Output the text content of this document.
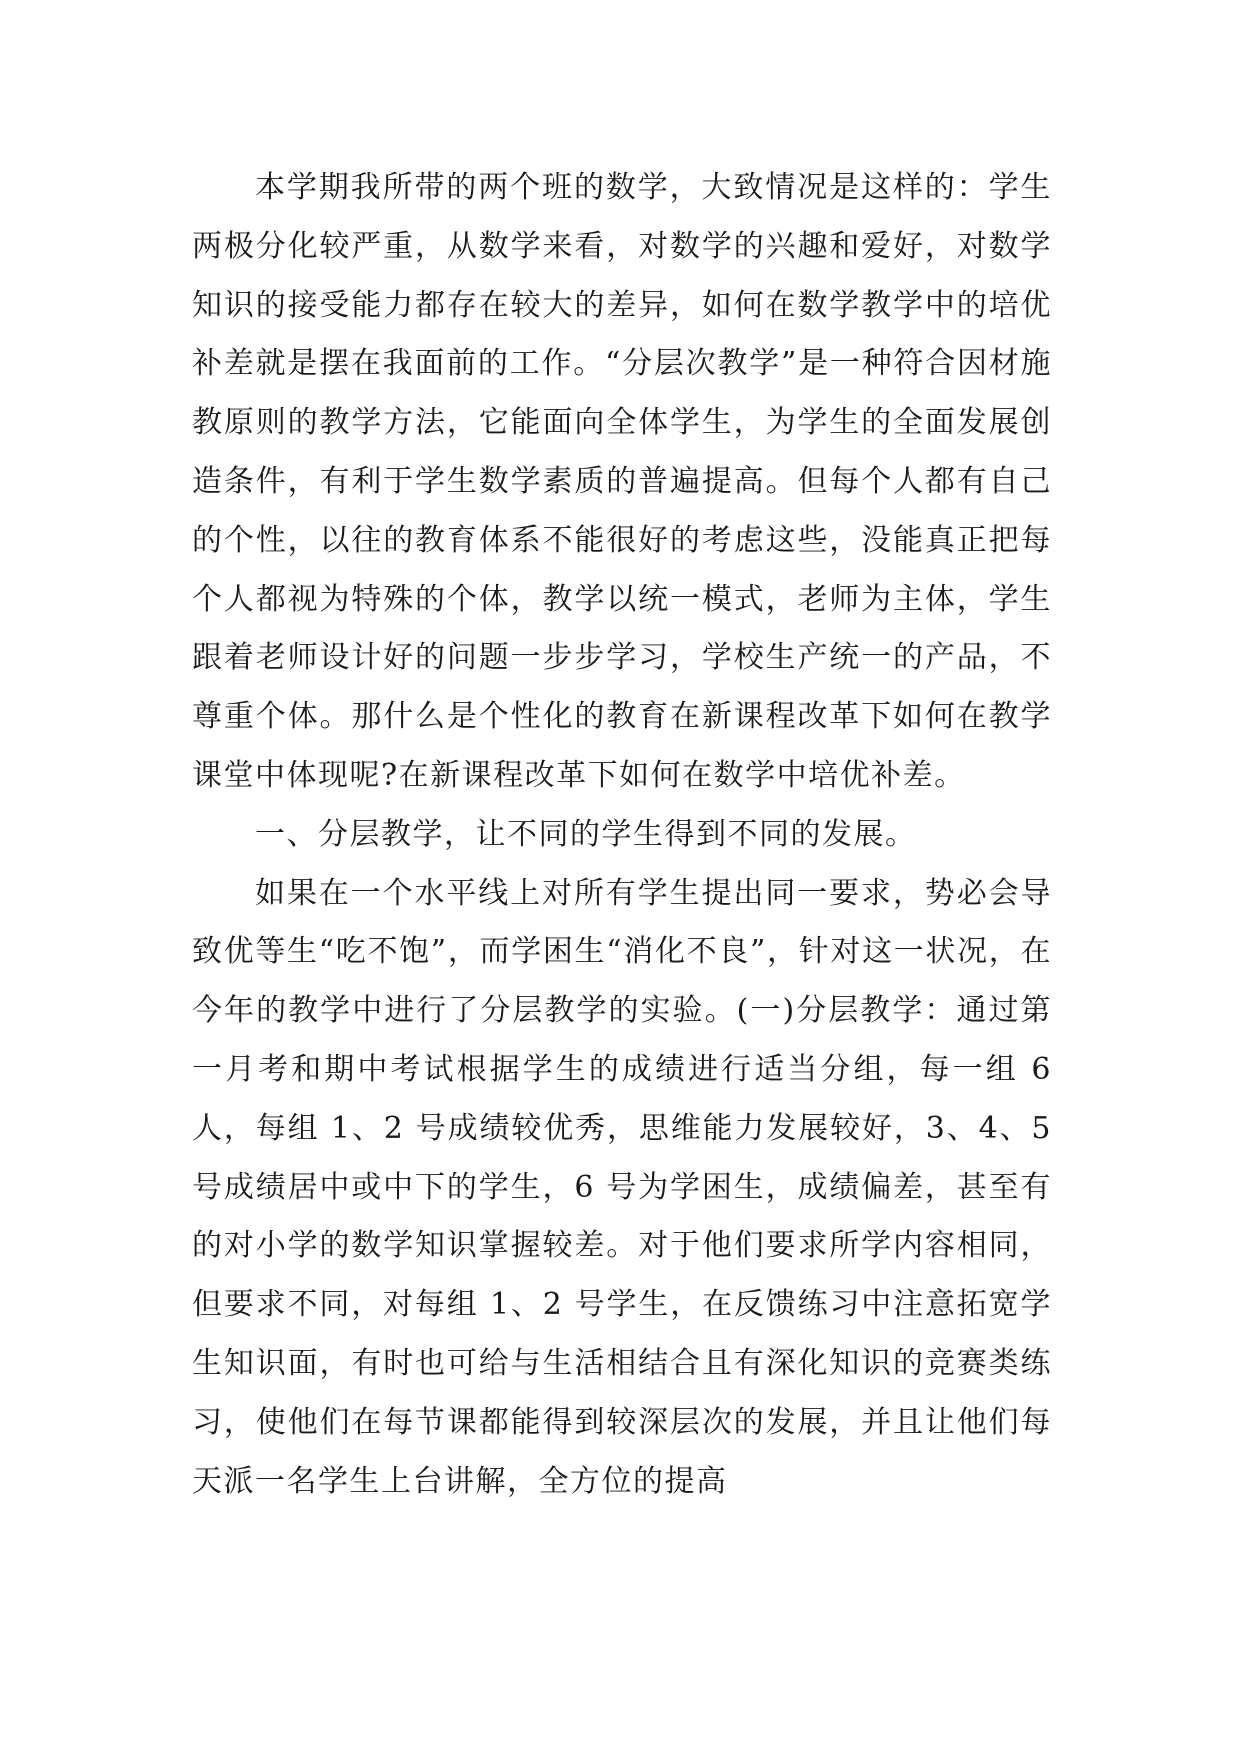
本学期我所带的两个班的数学，大致情况是这样的：学生两极分化较严重，从数学来看，对数学的兴趣和爱好，对数学知识的接受能力都存在较大的差异，如何在数学教学中的培优补差就是摆在我面前的工作。“分层次教学”是一种符合因材施教原则的教学方法，它能面向全体学生，为学生的全面发展创造条件，有利于学生数学素质的普遍提高。但每个人都有自己的个性，以往的教育体系不能很好的考虑这些，没能真正把每个人都视为特殊的个体，教学以统一模式，老师为主体，学生跟着老师设计好的问题一步步学习，学校生产统一的产品，不尊重个体。那什么是个性化的教育在新课程改革下如何在教学课堂中体现呢?在新课程改革下如何在数学中培优补差。

一、分层教学，让不同的学生得到不同的发展。

如果在一个水平线上对所有学生提出同一要求，势必会导致优等生“吃不饱”，而学困生“消化不良”，针对这一状况，在今年的教学中进行了分层教学的实验。(一)分层教学：通过第一月考和期中考试根据学生的成绩进行适当分组，每一组 6 人，每组 1、2 号成绩较优秀，思维能力发展较好，3、4、5 号成绩居中或中下的学生，6 号为学困生，成绩偏差，甚至有的对小学的数学知识掌握较差。对于他们要求所学内容相同，但要求不同，对每组 1、2 号学生，在反馈练习中注意拓宽学生知识面，有时也可给与生活相结合且有深化知识的竞赛类练习，使他们在每节课都能得到较深层次的发展，并且让他们每天派一名学生上台讲解，全方位的提高
